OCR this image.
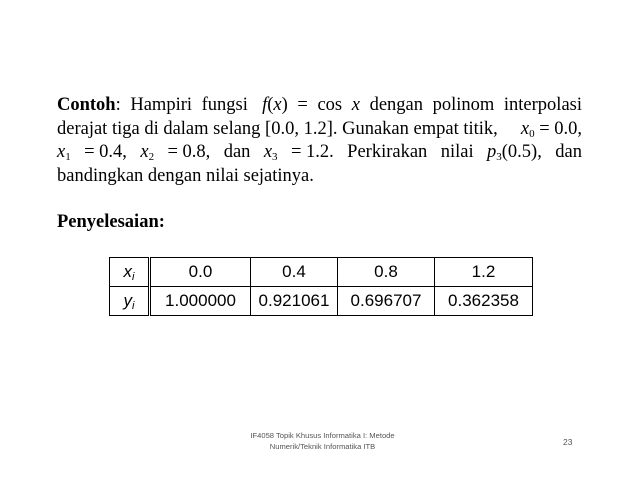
Contoh: Hampiri fungsi f(x) = cos x dengan polinom interpolasi
derajat tiga di dalam selang [0.0, 1.2]. Gunakan empat titik, $x_0 = 0.0$,
$x_1 = 0.4$, $x_2 = 0.8$, dan $x_3 = 1.2$. Perkirakan nilai $p_3(0.5)$, dan
bandingkan dengan nilai sejatinya.
Penyelesaian:
$x_i$	0.0	0.4	0.8	1.2
$y_i$	1.000000	0.921061	0.696707	0.362358
IF4058 Topik Khusus Informatika I: Metode
Numerik/Teknik Informatika ITB	23
